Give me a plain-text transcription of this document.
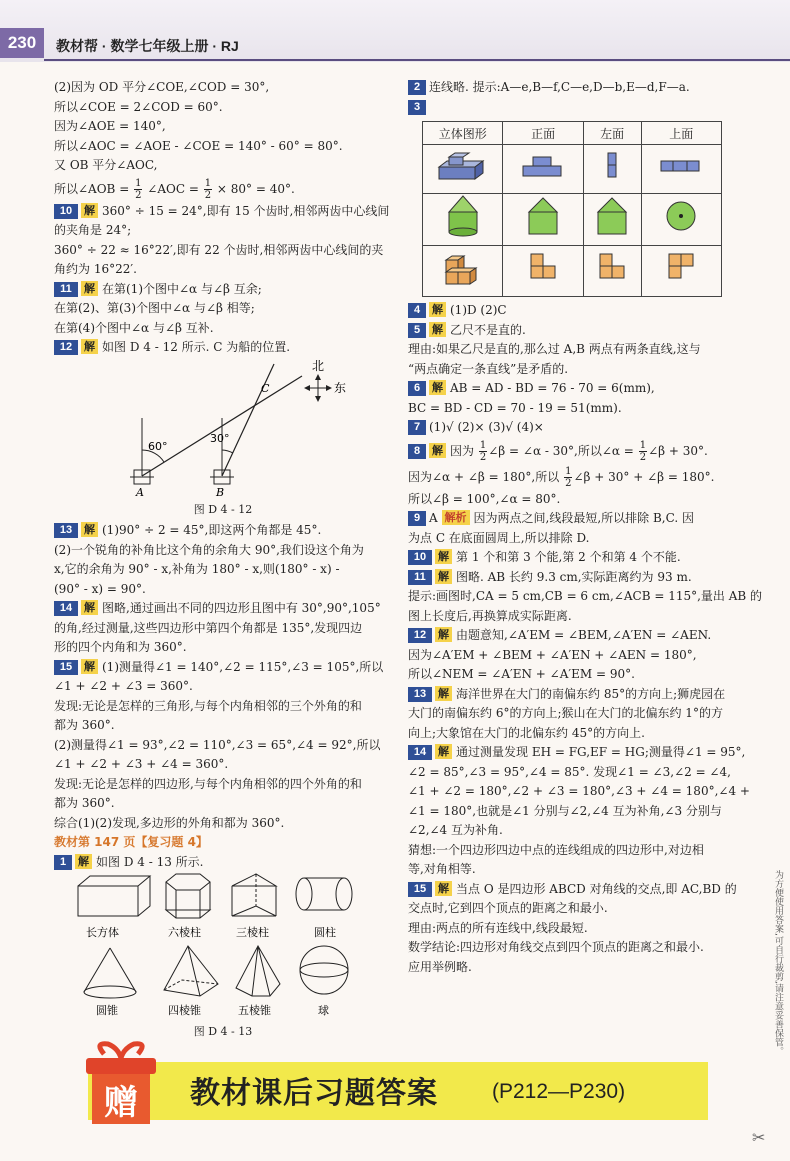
230	教材帮 · 数学七年级上册 · RJ

(2)因为 OD 平分∠COE,∠COD = 30°,

所以∠COE = 2∠COD = 60°.

因为∠AOE = 140°,

所以∠AOC = ∠AOE - ∠COE = 140° - 60° = 80°.

又 OB 平分∠AOC,

所以∠AOB = $\frac{1}{2}$ ∠AOC = $\frac{1}{2} \times 80^\circ = 40^\circ$.

10 解 360° ÷ 15 = 24°,即有 15 个齿时,相邻两齿中心线间

的夹角是 24°;

360° ÷ 22 ≈ 16°22′,即有 22 个齿时,相邻两齿中心线间的夹

角约为 16°22′.

11 解 在第(1)个图中∠α 与∠β 互余;

在第(2)、第(3)个图中∠α 与∠β 相等;

在第(4)个图中∠α 与∠β 互补.

12 解 如图 D 4 - 12 所示. C 为船的位置.

60°
30°
A	B
C
北
东

图 D 4 - 12

13 解 (1)90° ÷ 2 = 45°,即这两个角都是 45°.

(2)一个锐角的补角比这个角的余角大 90°,我们设这个角为

x,它的余角为 90° - x,补角为 180° - x,则(180° - x) -

(90° - x) = 90°.

14 解 图略,通过画出不同的四边形且图中有 30°,90°,105°

的角,经过测量,这些四边形中第四个角都是 135°,发现四边

形的四个内角和为 360°.

15 解 (1)测量得∠1 = 140°,∠2 = 115°,∠3 = 105°,所以

∠1 + ∠2 + ∠3 = 360°.

发现:无论是怎样的三角形,与每个内角相邻的三个外角的和

都为 360°.

(2)测量得∠1 = 93°,∠2 = 110°,∠3 = 65°,∠4 = 92°,所以

∠1 + ∠2 + ∠3 + ∠4 = 360°.

发现:无论是怎样的四边形,与每个内角相邻的四个外角的和

都为 360°.

综合(1)(2)发现,多边形的外角和都为 360°.

教材第 147 页【复习题 4】

1 解 如图 D 4 - 13 所示.

长方体	六棱柱	三棱柱	圆柱
圆锥	四棱锥	五棱锥	球

图 D 4 - 13

2 连线略. 提示:A—e,B—f,C—e,D—b,E—d,F—a.

3

立体图形	正面	左面	上面

4 解 (1)D (2)C

5 解 乙尺不是直的.

理由:如果乙尺是直的,那么过 A,B 两点有两条直线,这与

“两点确定一条直线”是矛盾的.

6 解 AB = AD - BD = 76 - 70 = 6(mm),

BC = BD - CD = 70 - 19 = 51(mm).

7 (1)√ (2)× (3)√ (4)×

8 解 因为 $\frac{1}{2}\angle\beta$ = ∠α - 30°,所以∠α = $\frac{1}{2}\angle\beta + 30^\circ$.

因为∠α + ∠β = 180°,所以 $\frac{1}{2}\angle\beta + 30^\circ$ + ∠β = 180°.

所以∠β = 100°,∠α = 80°.

9 A 解析 因为两点之间,线段最短,所以排除 B,C. 因

为点 C 在底面圆周上,所以排除 D.

10 解 第 1 个和第 3 个能,第 2 个和第 4 个不能.

11 解 图略. AB 长约 9.3 cm,实际距离约为 93 m.

提示:画图时,CA = 5 cm,CB = 6 cm,∠ACB = 115°,量出 AB 的

图上长度后,再换算成实际距离.

12 解 由题意知,∠A′EM = ∠BEM,∠A′EN = ∠AEN.

因为∠A′EM + ∠BEM + ∠A′EN + ∠AEN = 180°,

所以∠NEM = ∠A′EN + ∠A′EM = 90°.

13 解 海洋世界在大门的南偏东约 85°的方向上;狮虎园在

大门的南偏东约 6°的方向上;猴山在大门的北偏东约 1°的方

向上;大象馆在大门的北偏东约 45°的方向上.

14 解 通过测量发现 EH = FG,EF = HG;测量得∠1 = 95°,

∠2 = 85°,∠3 = 95°,∠4 = 85°. 发现∠1 = ∠3,∠2 = ∠4,

∠1 + ∠2 = 180°,∠2 + ∠3 = 180°,∠3 + ∠4 = 180°,∠4 +

∠1 = 180°,也就是∠1 分别与∠2,∠4 互为补角,∠3 分别与

∠2,∠4 互为补角.

猜想:一个四边形四边中点的连线组成的四边形中,对边相

等,对角相等.

15 解 当点 O 是四边形 ABCD 对角线的交点,即 AC,BD 的

交点时,它到四个顶点的距离之和最小.

理由:两点的所有连线中,线段最短.

数学结论:四边形对角线交点到四个顶点的距离之和最小.

应用举例略.

赠 教材课后习题答案	(P212—P230)
为方便使用答案,可自行裁剪,请注意妥善保管。
✂
